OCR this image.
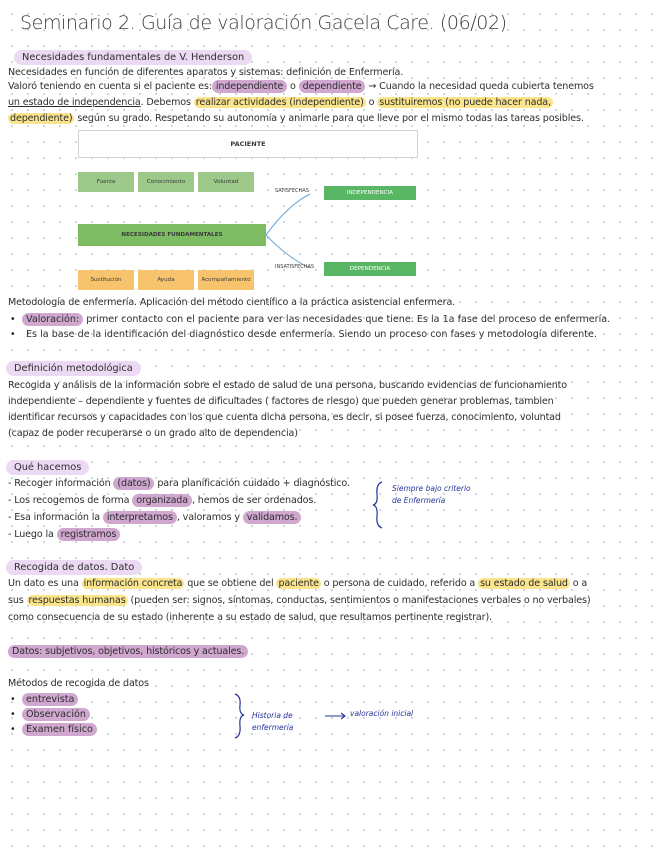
Seminario 2. Guía de valoración Gacela Care. (06/02)
Necesidades fundamentales de V. Henderson
Necesidades en función de diferentes aparatos y sistemas: definición de Enfermería.
Valoró teniendo en cuenta si el paciente es: independiente o dependiente → Cuando la necesidad queda cubierta tenemos
un estado de independencia. Debemos realizar actividades (independiente) o sustituiremos (no puede hacer nada,
dependiente) según su grado. Respetando su autonomía y animarle para que lleve por el mismo todas las tareas posibles.
PACIENTE
Fuerza	Conocimiento	Voluntad
NECESIDADES FUNDAMENTALES
Sustitución	Ayuda	Acompañamiento
SATISFECHAS
INSATISFECHAS
INDEPENDENCIA
DEPENDENCIA
Metodología de enfermería. Aplicación del método científico a la práctica asistencial enfermera.
• Valoración: primer contacto con el paciente para ver las necesidades que tiene. Es la 1a fase del proceso de enfermería.
• Es la base de la identificación del diagnóstico desde enfermería. Siendo un proceso con fases y metodología diferente.
Definición metodológica
Recogida y análisis de la información sobre el estado de salud de una persona, buscando evidencias de funcionamiento
independiente – dependiente y fuentes de dificultades ( factores de riesgo) que pueden generar problemas, tambien
identificar recursos y capacidades con los que cuenta dicha persona, es decir, si posee fuerza, conocimiento, voluntad
(capaz de poder recuperarse o un grado alto de dependencia)
Qué hacemos
- Recoger información (datos) para planificación cuidado + diagnóstico.
- Los recogemos de forma organizada , hemos de ser ordenados.
- Esa información la interpretamos , valoramos y validamos.
- Luego la registramos
Siempre bajo criterio de Enfermería
Recogida de datos. Dato
Un dato es una información concreta que se obtiene del paciente o persona de cuidado, referido a su estado de salud o a
sus respuestas humanas (pueden ser: signos, síntomas, conductas, sentimientos o manifestaciones verbales o no verbales)
como consecuencia de su estado (inherente a su estado de salud, que resultamos pertinente registrar).
Datos: subjetivos, objetivos, históricos y actuales.
Métodos de recogida de datos
• entrevista
• Observación
• Examen físico
Historia de enfermería
valoración inicial
